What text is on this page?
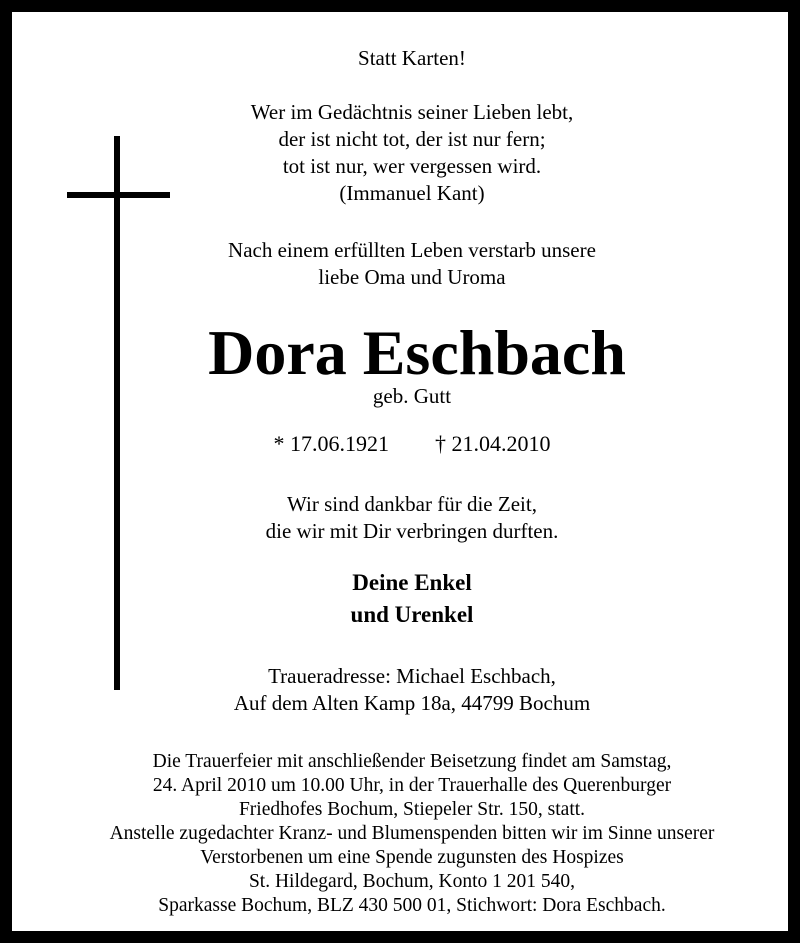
Statt Karten!
Wer im Gedächtnis seiner Lieben lebt,
der ist nicht tot, der ist nur fern;
tot ist nur, wer vergessen wird.
(Immanuel Kant)
Nach einem erfüllten Leben verstarb unsere
liebe Oma und Uroma
Dora Eschbach
geb. Gutt
* 17.06.1921 † 21.04.2010
Wir sind dankbar für die Zeit,
die wir mit Dir verbringen durften.
Deine Enkel
und Urenkel
Traueradresse: Michael Eschbach,
Auf dem Alten Kamp 18a, 44799 Bochum
Die Trauerfeier mit anschließender Beisetzung findet am Samstag,
24. April 2010 um 10.00 Uhr, in der Trauerhalle des Querenburger
Friedhofes Bochum, Stiepeler Str. 150, statt.
Anstelle zugedachter Kranz- und Blumenspenden bitten wir im Sinne unserer
Verstorbenen um eine Spende zugunsten des Hospizes
St. Hildegard, Bochum, Konto 1 201 540,
Sparkasse Bochum, BLZ 430 500 01, Stichwort: Dora Eschbach.
